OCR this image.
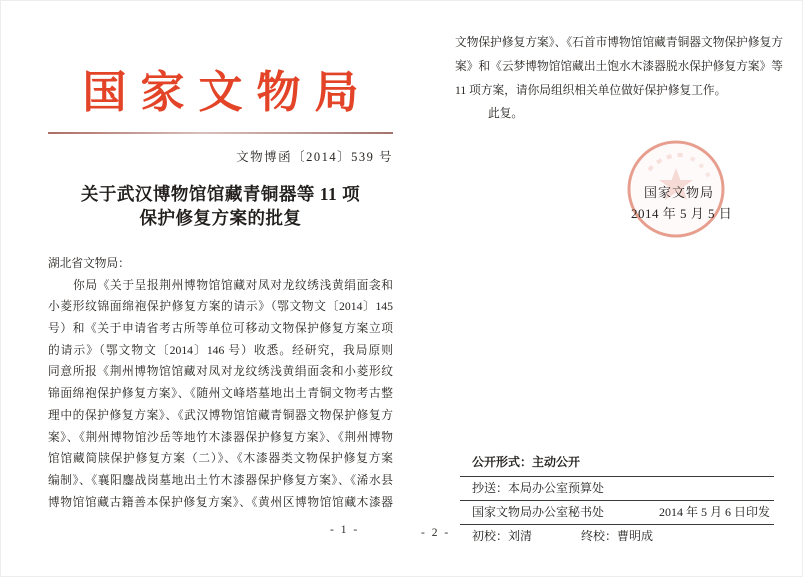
国家文物局
文物博函〔2014〕539 号
关于武汉博物馆馆藏青铜器等 11 项
保护修复方案的批复
湖北省文物局：
你局《关于呈报荆州博物馆馆藏对凤对龙纹绣浅黄绢面衾和
小菱形纹锦面绵袍保护修复方案的请示》（鄂文物文〔2014〕145
号）和《关于申请省考古所等单位可移动文物保护修复方案立项
的请示》（鄂文物文〔2014〕146 号）收悉。经研究，我局原则
同意所报《荆州博物馆馆藏对凤对龙纹绣浅黄绢面衾和小菱形纹
锦面绵袍保护修复方案》、《随州文峰塔墓地出土青铜文物考古整
理中的保护修复方案》、《武汉博物馆馆藏青铜器文物保护修复方
案》、《荆州博物馆沙岳等地竹木漆器保护修复方案》、《荆州博物
馆馆藏简牍保护修复方案（二）》、《木漆器类文物保护修复方案
编制》、《襄阳鏖战岗墓地出土竹木漆器保护修复方案》、《浠水县
博物馆馆藏古籍善本保护修复方案》、《黄州区博物馆馆藏木漆器
- 1 -
文物保护修复方案》、《石首市博物馆馆藏青铜器文物保护修复方
案》和《云梦博物馆馆藏出土饱水木漆器脱水保护修复方案》等
11 项方案，请你局组织相关单位做好保护修复工作。
此复。
国家文物局
2014 年 5 月 5 日
公开形式：主动公开
抄送：本局办公室预算处
国家文物局办公室秘书处	2014 年 5 月 6 日印发
初校：刘清	终校：曹明成
- 2 -
